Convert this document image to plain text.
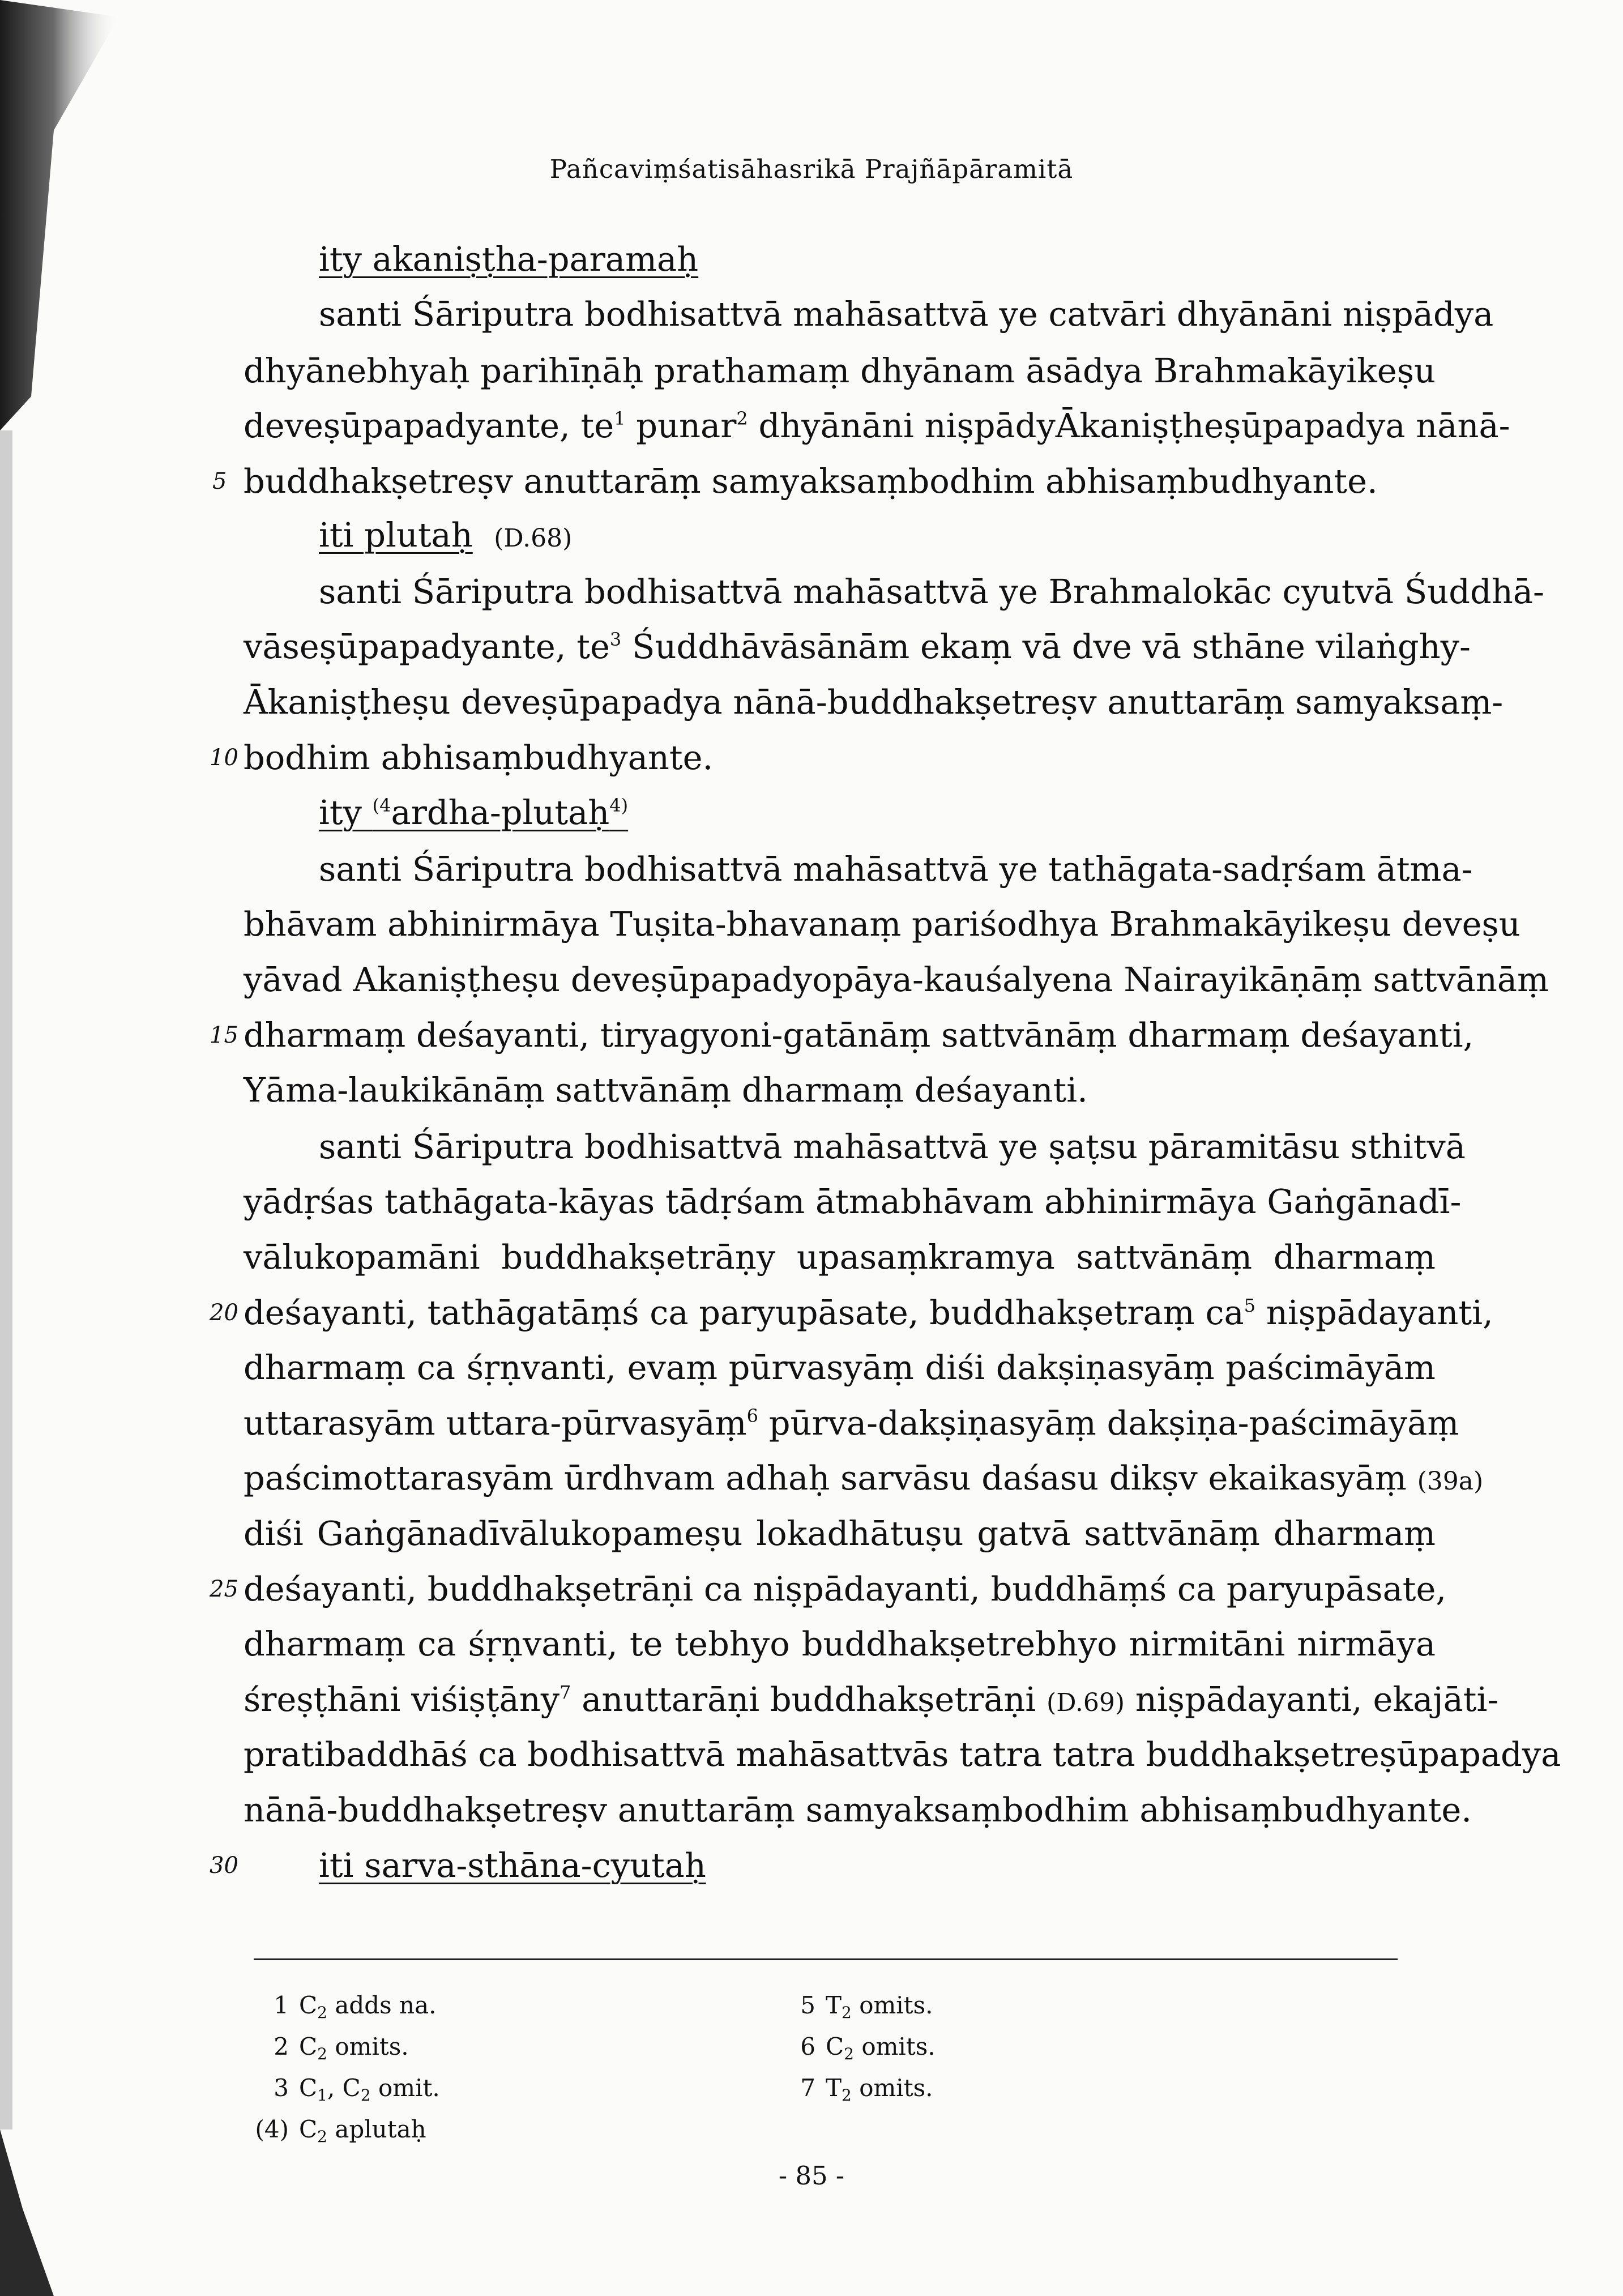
Pañcaviṃśatisāhasrikā Prajñāpāramitā
ity akaniṣṭha-paramaḥ
santi Śāriputra bodhisattvā mahāsattvā ye catvāri dhyānāni niṣpādya
dhyānebhyaḥ parihīṇāḥ prathamaṃ dhyānam āsādya Brahmakāyikeṣu
deveṣūpapadyante, $te^1$ punar$^2$ dhyānāni niṣpādyĀkaniṣṭheṣūpapadya nānā-
5 buddhakṣetreṣv anuttarāṃ samyaksaṃbodhim abhisaṃbudhyante.
iti plutaḥ (D.68)
santi Śāriputra bodhisattvā mahāsattvā ye Brahmalokāc cyutvā Śuddhā-
vāseṣūpapadyante, $te^3$ Śuddhāvāsānām ekaṃ vā dve vā sthāne vilaṅghy-
Ākaniṣṭheṣu deveṣūpapadya nānā-buddhakṣetreṣv anuttarāṃ samyaksaṃ-
10 bodhim abhisaṃbudhyante.
ity $^{(4}$ardha-plutaḥ$^{4)}$
santi Śāriputra bodhisattvā mahāsattvā ye tathāgata-sadṛśam ātma-
bhāvam abhinirmāya Tuṣita-bhavanaṃ pariśodhya Brahmakāyikeṣu deveṣu
yāvad Akaniṣṭheṣu deveṣūpapadyopāya-kauśalyena Nairayikāṇāṃ sattvānāṃ
15 dharmaṃ deśayanti, tiryagyoni-gatānāṃ sattvānāṃ dharmaṃ deśayanti,
Yāma-laukikānāṃ sattvānāṃ dharmaṃ deśayanti.
santi Śāriputra bodhisattvā mahāsattvā ye ṣaṭsu pāramitāsu sthitvā
yādṛśas tathāgata-kāyas tādṛśam ātmabhāvam abhinirmāya Gaṅgānadī-
vālukopamāni buddhakṣetrāṇy upasaṃkramya sattvānāṃ dharmaṃ
20 deśayanti, tathāgatāṃś ca paryupāsate, buddhakṣetraṃ $ca^5$ niṣpādayanti,
dharmaṃ ca śṛṇvanti, evaṃ pūrvasyāṃ diśi dakṣiṇasyāṃ paścimāyām
uttarasyām uttara-pūrvasyāṃ$^6$ pūrva-dakṣiṇasyāṃ dakṣiṇa-paścimāyāṃ
paścimottarasyām ūrdhvam adhaḥ sarvāsu daśasu dikṣv ekaikasyāṃ (39a)
diśi Gaṅgānadīvālukopameṣu lokadhātuṣu gatvā sattvānāṃ dharmaṃ
25 deśayanti, buddhakṣetrāṇi ca niṣpādayanti, buddhāṃś ca paryupāsate,
dharmaṃ ca śṛṇvanti, te tebhyo buddhakṣetrebhyo nirmitāni nirmāya
śreṣṭhāni viśiṣṭāny$^7$ anuttarāṇi buddhakṣetrāṇi (D.69) niṣpādayanti, ekajāti-
pratibaddhāś ca bodhisattvā mahāsattvās tatra tatra buddhakṣetreṣūpapadya
nānā-buddhakṣetreṣv anuttarāṃ samyaksaṃbodhim abhisaṃbudhyante.
30 iti sarva-sthāna-cyutaḥ
1 $C_2$ adds na.
2 $C_2$ omits.
3 $C_1$, $C_2$ omit.
(4) $C_2$ aplutaḥ
5 $T_2$ omits.
6 $C_2$ omits.
7 $T_2$ omits.
- 85 -
